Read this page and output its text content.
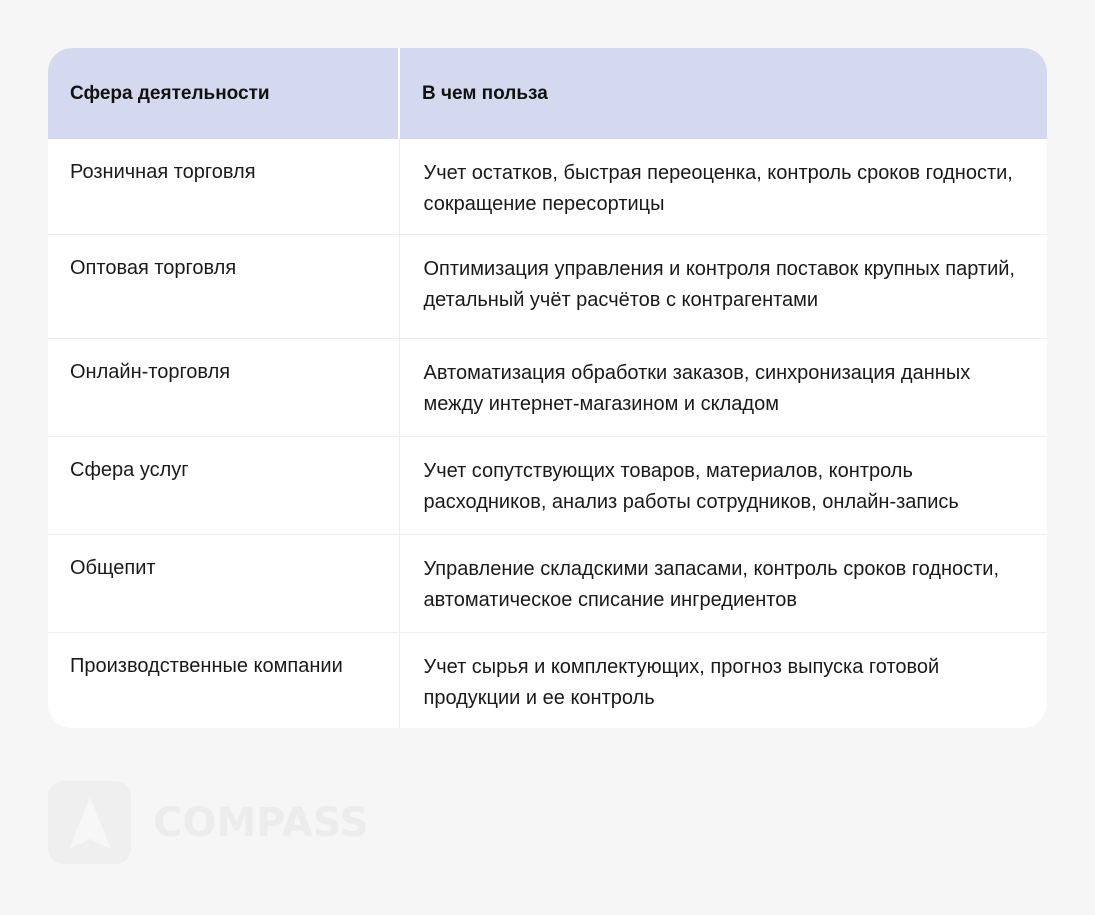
Сфера деятельности	В чем польза
Розничная торговля	Учет остатков, быстрая переоценка, контроль сроков годности, сокращение пересортицы
Оптовая торговля	Оптимизация управления и контроля поставок крупных партий, детальный учёт расчётов с контрагентами
Онлайн-торговля	Автоматизация обработки заказов, синхронизация данных между интернет-магазином и складом
Сфера услуг	Учет сопутствующих товаров, материалов, контроль расходников, анализ работы сотрудников, онлайн-запись
Общепит	Управление складскими запасами, контроль сроков годности, автоматическое списание ингредиентов
Производственные компании	Учет сырья и комплектующих, прогноз выпуска готовой продукции и ее контроль
COMPASS
